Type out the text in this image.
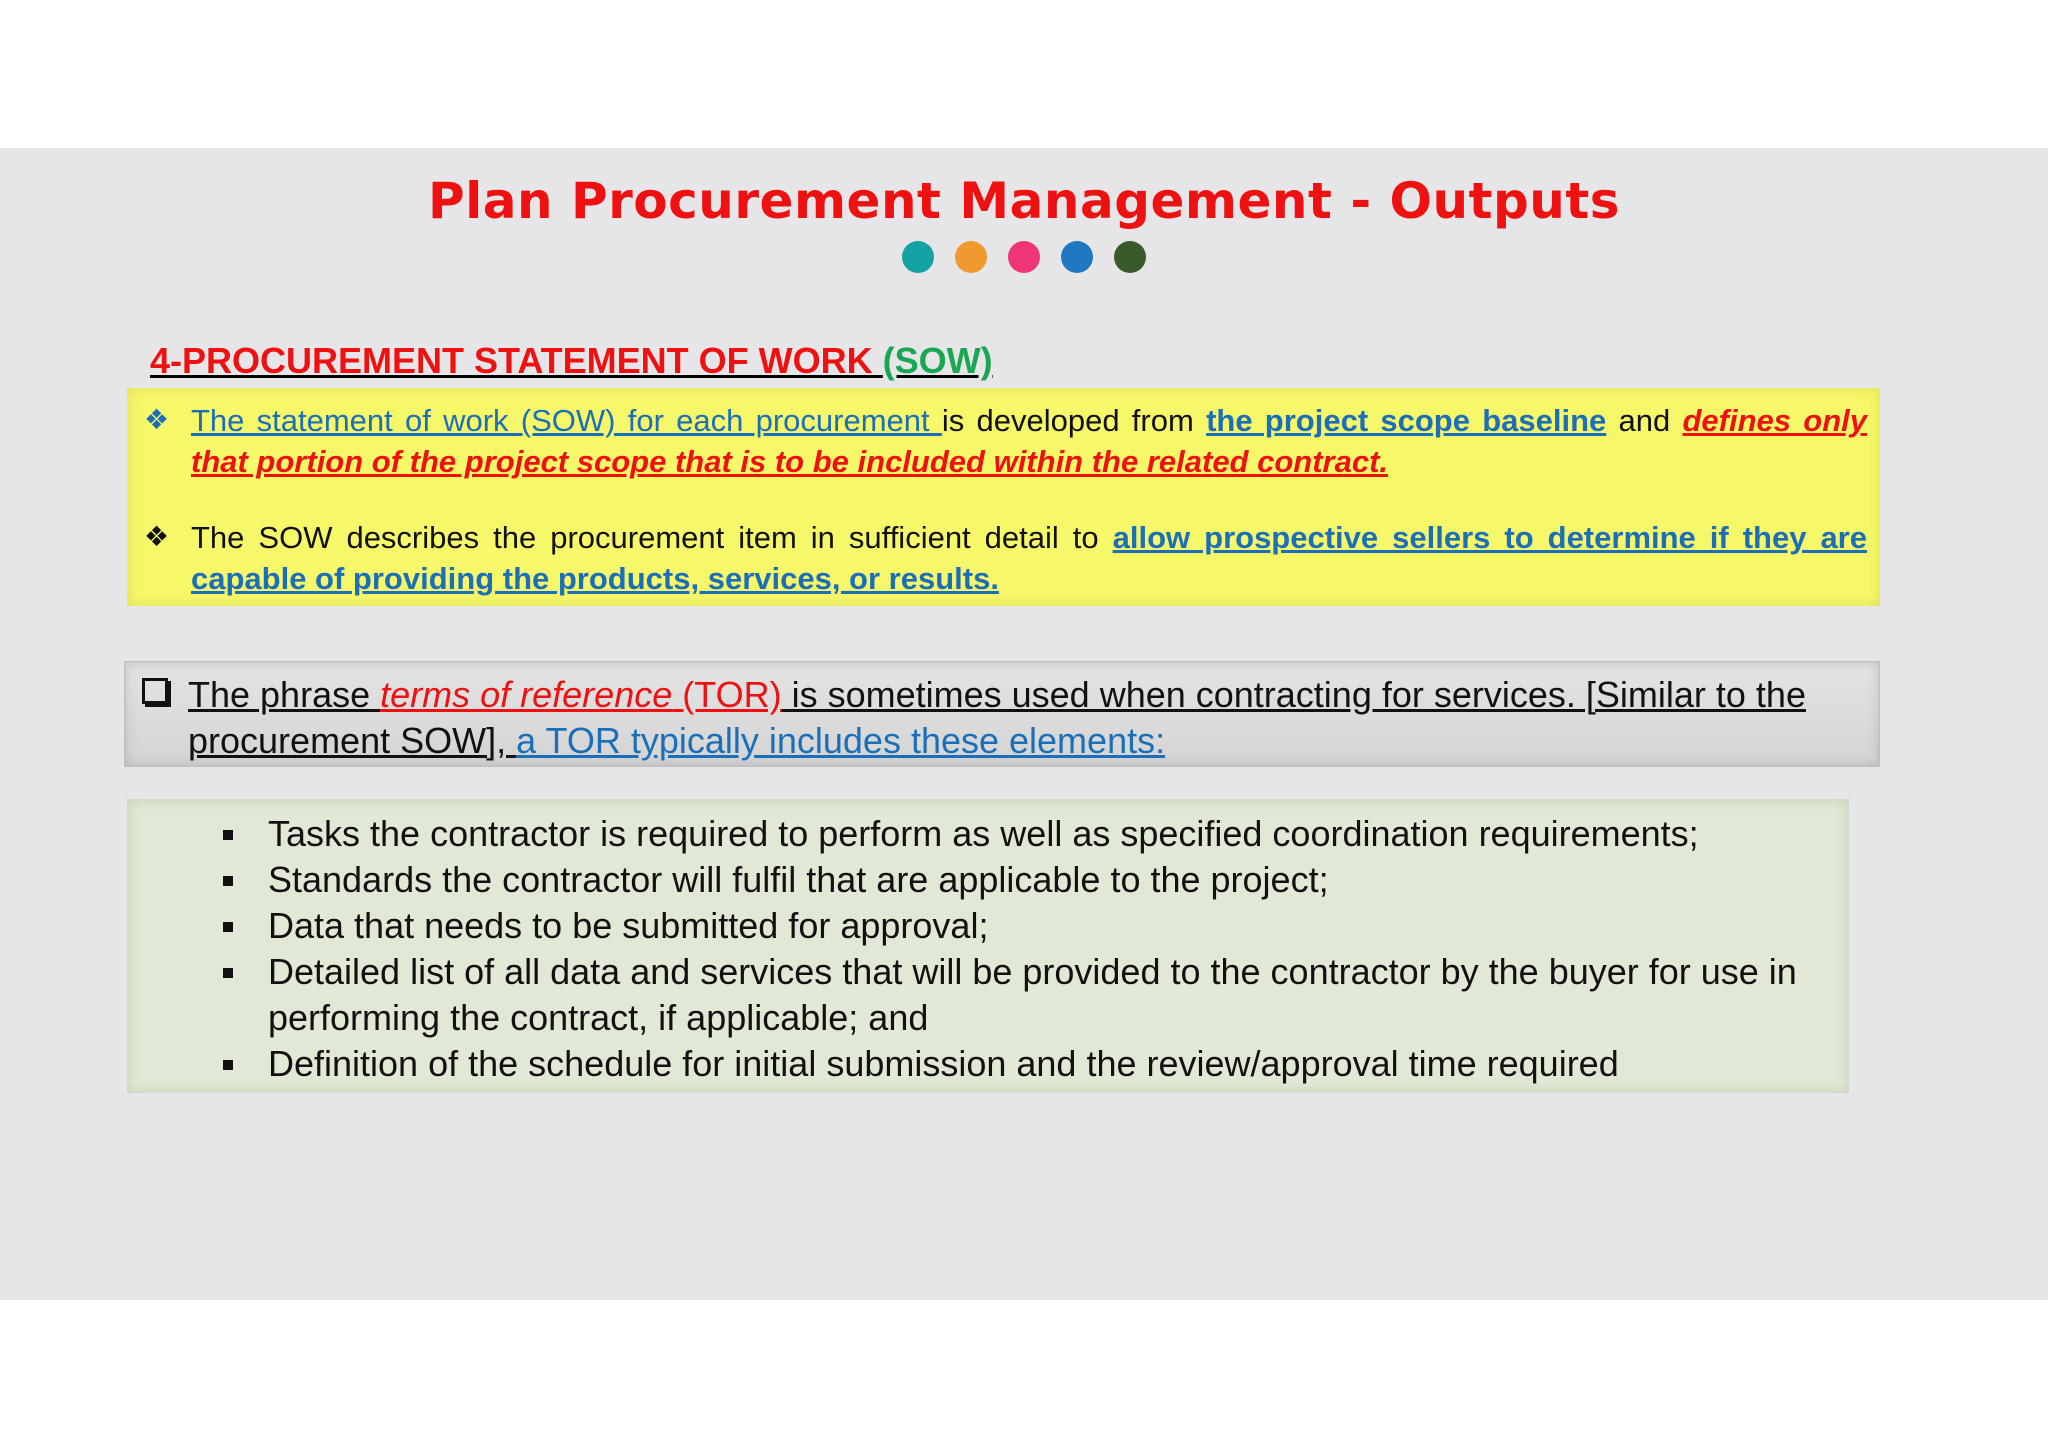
Plan Procurement Management - Outputs
4-PROCUREMENT STATEMENT OF WORK (SOW)
❖ The statement of work (SOW) for each procurement is developed from the project scope baseline and defines only that portion of the project scope that is to be included within the related contract.

❖ The SOW describes the procurement item in sufficient detail to allow prospective sellers to determine if they are capable of providing the products, services, or results.

The phrase terms of reference (TOR) is sometimes used when contracting for services. [Similar to the procurement SOW], a TOR typically includes these elements:

Tasks the contractor is required to perform as well as specified coordination requirements;
Standards the contractor will fulfil that are applicable to the project;
Data that needs to be submitted for approval;
Detailed list of all data and services that will be provided to the contractor by the buyer for use in performing the contract, if applicable; and
Definition of the schedule for initial submission and the review/approval time required
